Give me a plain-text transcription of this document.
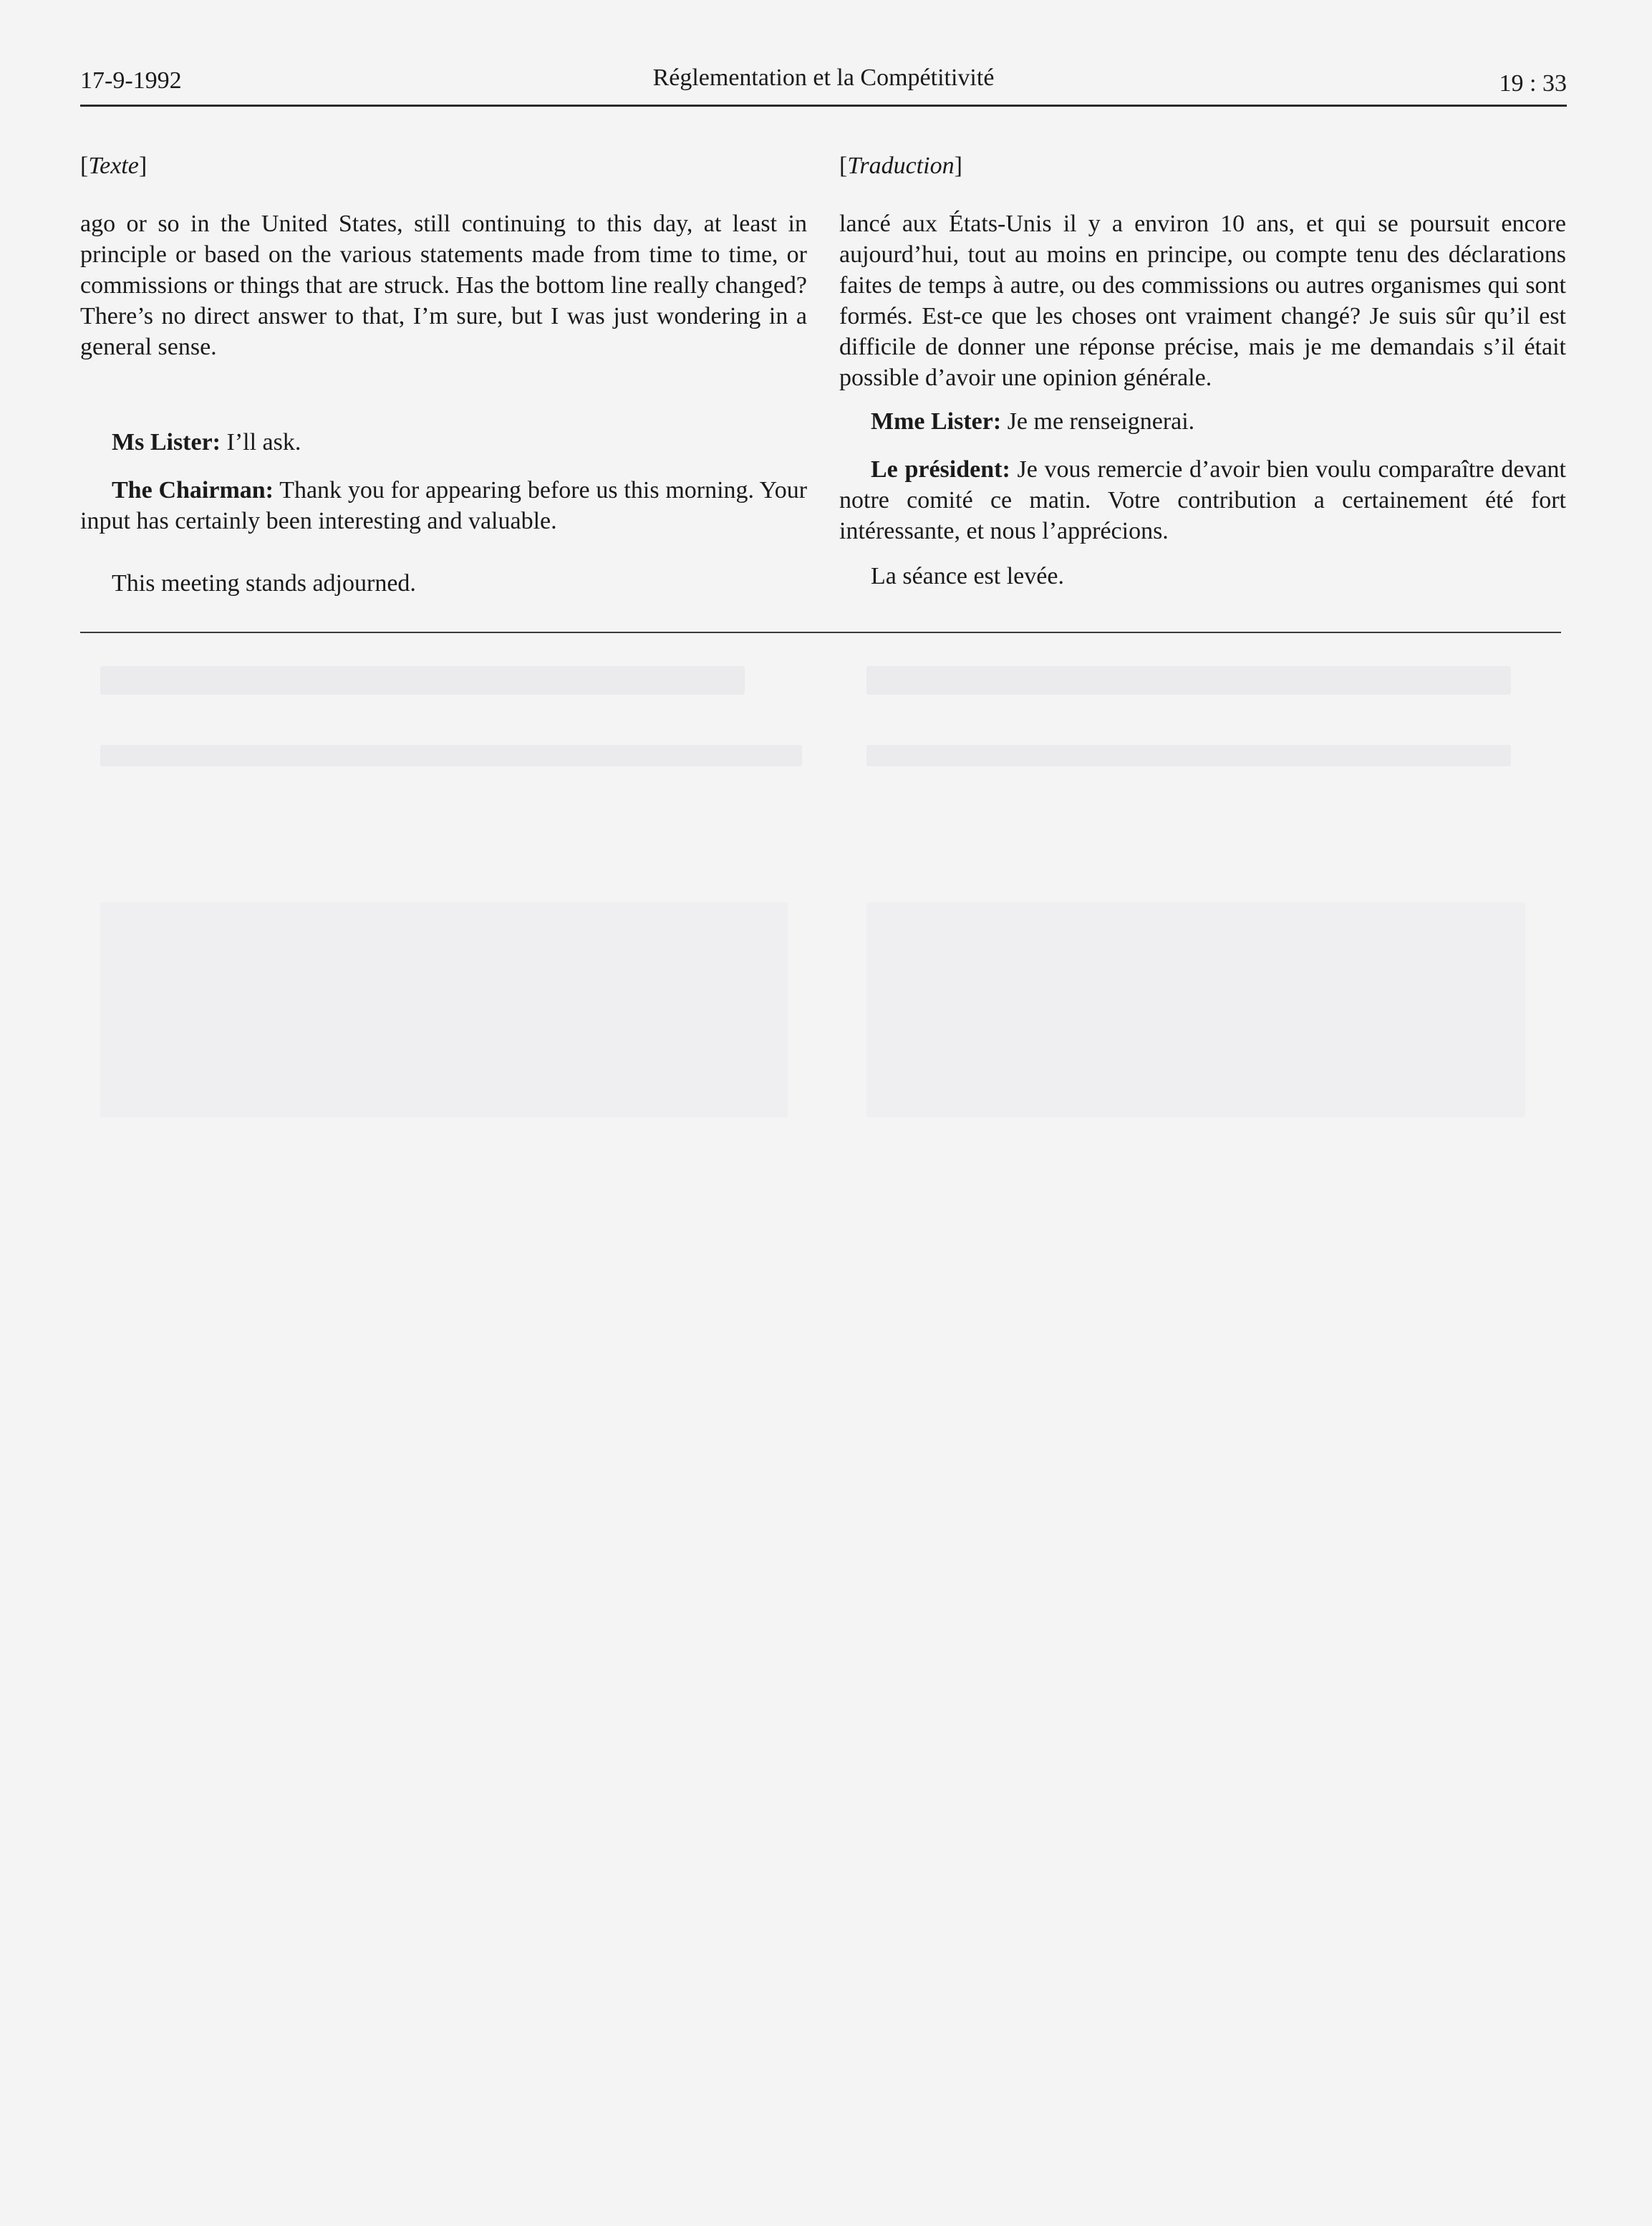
17-9-1992	Réglementation et la Compétitivité	19 : 33
[Texte]

ago or so in the United States, still continuing to this day, at least in principle or based on the various statements made from time to time, or commissions or things that are struck. Has the bottom line really changed? There’s no direct answer to that, I’m sure, but I was just wondering in a general sense.

Ms Lister: I’ll ask.

The Chairman: Thank you for appearing before us this morning. Your input has certainly been interesting and valuable.

This meeting stands adjourned.

[Traduction]

lancé aux États-Unis il y a environ 10 ans, et qui se poursuit encore aujourd’hui, tout au moins en principe, ou compte tenu des déclarations faites de temps à autre, ou des commissions ou autres organismes qui sont formés. Est-ce que les choses ont vraiment changé? Je suis sûr qu’il est difficile de donner une réponse précise, mais je me demandais s’il était possible d’avoir une opinion générale.

Mme Lister: Je me renseignerai.

Le président: Je vous remercie d’avoir bien voulu comparaître devant notre comité ce matin. Votre contribution a certainement été fort intéressante, et nous l’apprécions.

La séance est levée.
